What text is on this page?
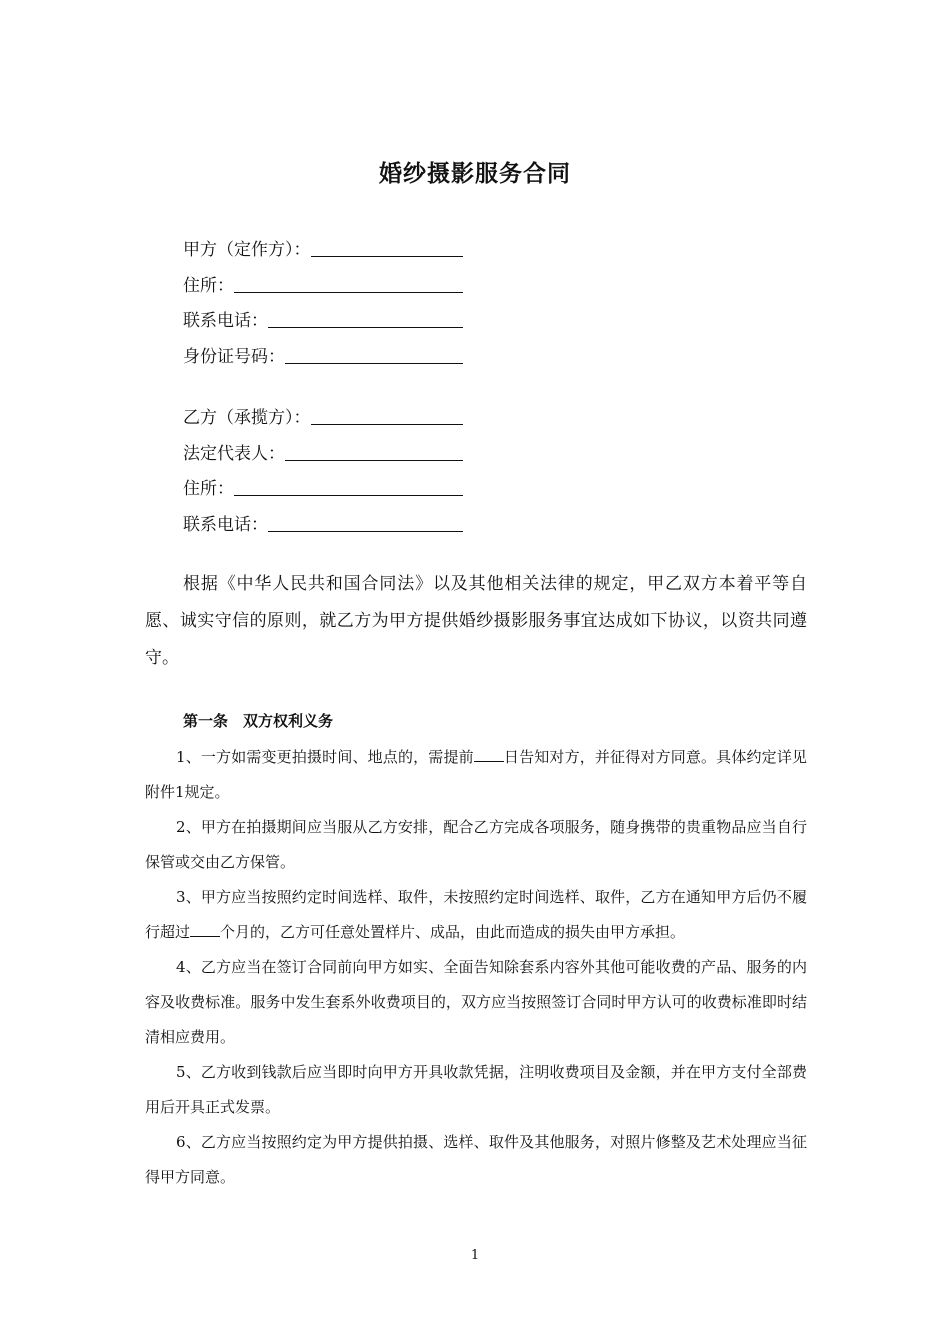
婚纱摄影服务合同
甲方（定作方）：
住所：
联系电话：
身份证号码：
乙方（承揽方）：
法定代表人：
住所：
联系电话：

根据《中华人民共和国合同法》以及其他相关法律的规定，甲乙双方本着平等自愿、诚实守信的原则，就乙方为甲方提供婚纱摄影服务事宜达成如下协议，以资共同遵守。

第一条　双方权利义务

1、一方如需变更拍摄时间、地点的，需提前 日告知对方，并征得对方同意。具体约定详见附件1规定。

2、甲方在拍摄期间应当服从乙方安排，配合乙方完成各项服务，随身携带的贵重物品应当自行保管或交由乙方保管。

3、甲方应当按照约定时间选样、取件，未按照约定时间选样、取件，乙方在通知甲方后仍不履行超过 个月的，乙方可任意处置样片、成品，由此而造成的损失由甲方承担。

4、乙方应当在签订合同前向甲方如实、全面告知除套系内容外其他可能收费的产品、服务的内容及收费标准。服务中发生套系外收费项目的，双方应当按照签订合同时甲方认可的收费标准即时结清相应费用。

5、乙方收到钱款后应当即时向甲方开具收款凭据，注明收费项目及金额，并在甲方支付全部费用后开具正式发票。

6、乙方应当按照约定为甲方提供拍摄、选样、取件及其他服务，对照片修整及艺术处理应当征得甲方同意。

1
